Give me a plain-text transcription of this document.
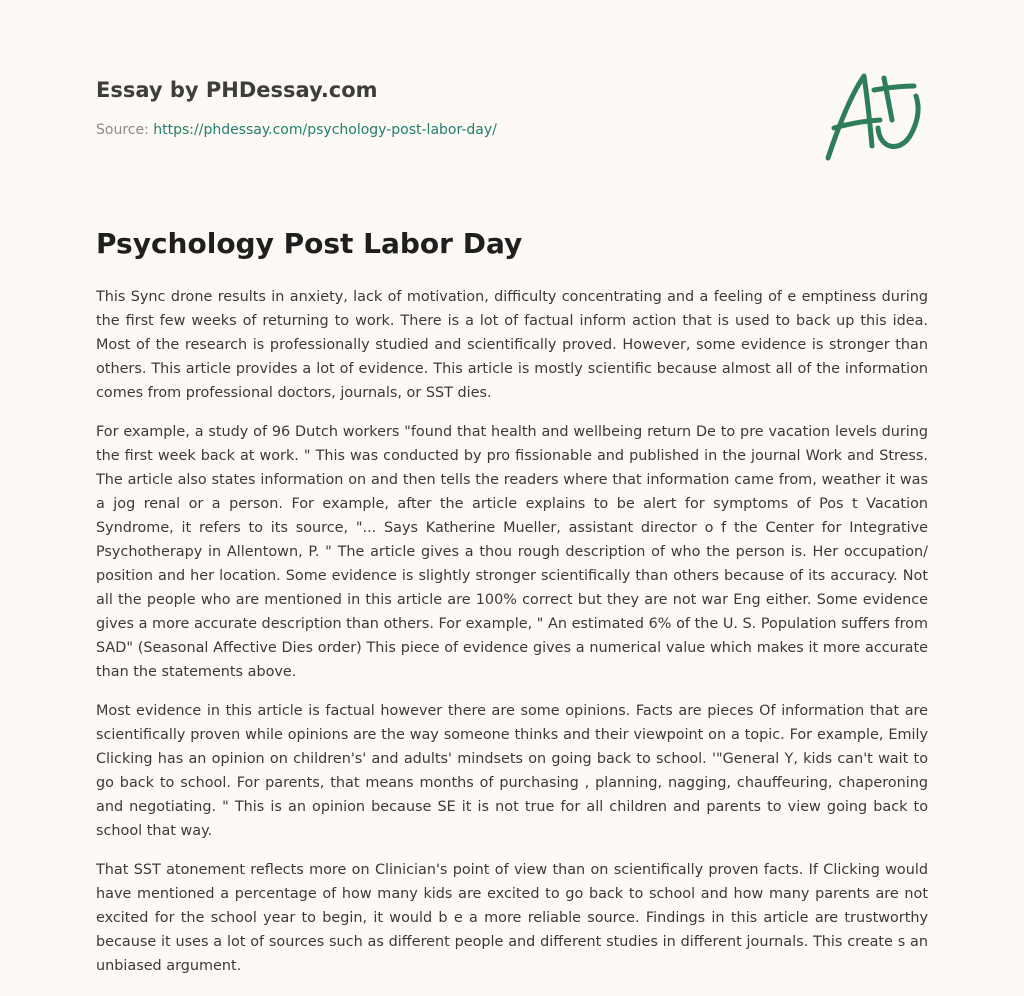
Essay by PHDessay.com
Source: https://phdessay.com/psychology-post-labor-day/
Psychology Post Labor Day

This Sync drone results in anxiety, lack of motivation, difficulty concentrating and a feeling of e emptiness during the first few weeks of returning to work. There is a lot of factual inform action that is used to back up this idea. Most of the research is professionally studied and scientifically proved. However, some evidence is stronger than others. This article provides a lot of evidence. This article is mostly scientific because almost all of the information comes from professional doctors, journals, or SST dies.

For example, a study of 96 Dutch workers "found that health and wellbeing return De to pre vacation levels during the first week back at work. " This was conducted by pro fissionable and published in the journal Work and Stress. The article also states information on and then tells the readers where that information came from, weather it was a jog renal or a person. For example, after the article explains to be alert for symptoms of Pos t Vacation Syndrome, it refers to its source, "... Says Katherine Mueller, assistant director o f the Center for Integrative Psychotherapy in Allentown, P. " The article gives a thou rough description of who the person is. Her occupation/ position and her location. Some evidence is slightly stronger scientifically than others because of its accuracy. Not all the people who are mentioned in this article are 100% correct but they are not war Eng either. Some evidence gives a more accurate description than others. For example, " An estimated 6% of the U. S. Population suffers from SAD" (Seasonal Affective Dies order) This piece of evidence gives a numerical value which makes it more accurate than the statements above.

Most evidence in this article is factual however there are some opinions. Facts are pieces Of information that are scientifically proven while opinions are the way someone thinks and their viewpoint on a topic. For example, Emily Clicking has an opinion on children's' and adults' mindsets on going back to school. '"General Y, kids can't wait to go back to school. For parents, that means months of purchasing , planning, nagging, chauffeuring, chaperoning and negotiating. " This is an opinion because SE it is not true for all children and parents to view going back to school that way.

That SST atonement reflects more on Clinician's point of view than on scientifically proven facts. If Clicking would have mentioned a percentage of how many kids are excited to go back to school and how many parents are not excited for the school year to begin, it would b e a more reliable source. Findings in this article are trustworthy because it uses a lot of sources such as different people and different studies in different journals. This create s an unbiased argument.
